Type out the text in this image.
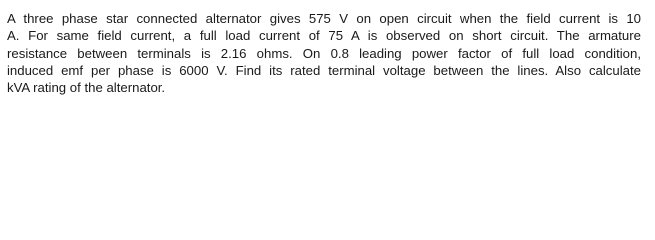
A three phase star connected alternator gives 575 V on open circuit when the field current is 10
A. For same field current, a full load current of 75 A is observed on short circuit. The armature
resistance between terminals is 2.16 ohms. On 0.8 leading power factor of full load condition,
induced emf per phase is 6000 V. Find its rated terminal voltage between the lines. Also calculate
kVA rating of the alternator.
